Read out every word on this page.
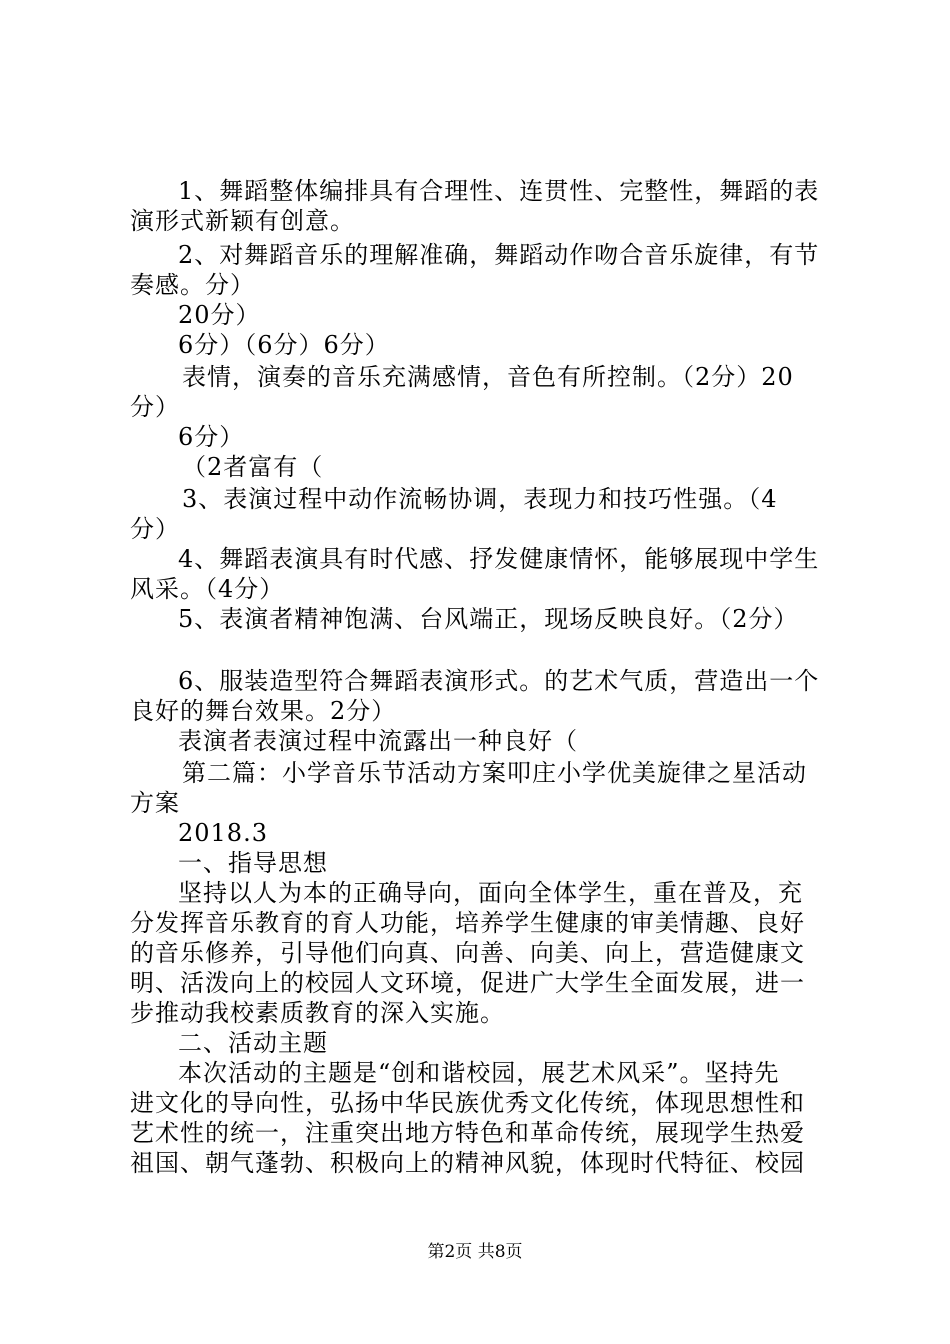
1、舞蹈整体编排具有合理性、连贯性、完整性，舞蹈的表
演形式新颖有创意。
2、对舞蹈音乐的理解准确，舞蹈动作吻合音乐旋律，有节
奏感。分）
20分）
6分）（6分）6分）
表情，演奏的音乐充满感情，音色有所控制。（2分）20
分）
6分）
（2者富有（
3、表演过程中动作流畅协调，表现力和技巧性强。（4
分）
4、舞蹈表演具有时代感、抒发健康情怀，能够展现中学生
风采。（4分）
5、表演者精神饱满、台风端正，现场反映良好。（2分）
6、服装造型符合舞蹈表演形式。的艺术气质，营造出一个
良好的舞台效果。2分）
表演者表演过程中流露出一种良好（
第二篇：小学音乐节活动方案叩庄小学优美旋律之星活动
方案
2018.3
一、指导思想
坚持以人为本的正确导向，面向全体学生，重在普及，充
分发挥音乐教育的育人功能，培养学生健康的审美情趣、良好
的音乐修养，引导他们向真、向善、向美、向上，营造健康文
明、活泼向上的校园人文环境，促进广大学生全面发展，进一
步推动我校素质教育的深入实施。
二、活动主题
本次活动的主题是“创和谐校园，展艺术风采”。坚持先
进文化的导向性，弘扬中华民族优秀文化传统，体现思想性和
艺术性的统一，注重突出地方特色和革命传统，展现学生热爱
祖国、朝气蓬勃、积极向上的精神风貌，体现时代特征、校园
第2页 共8页
